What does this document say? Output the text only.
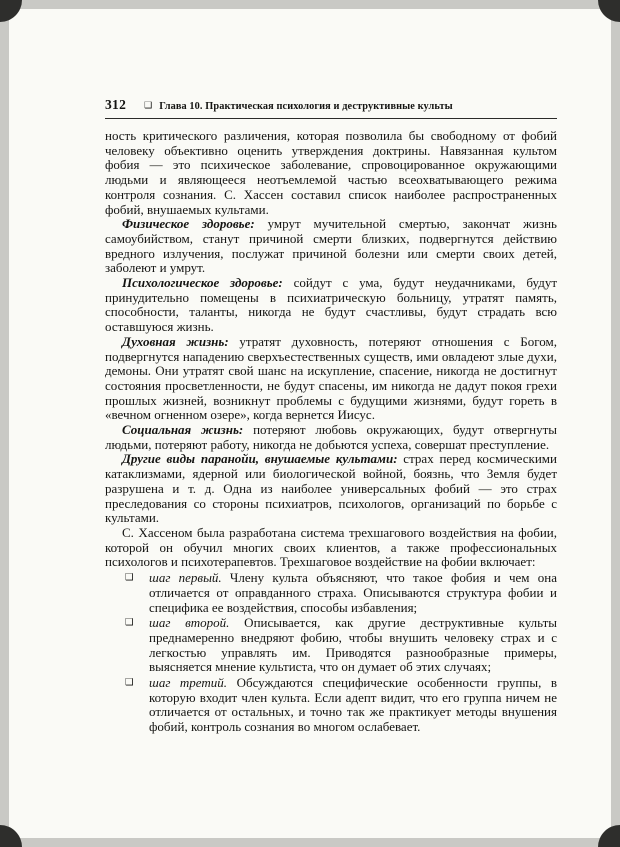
312 ❑ Глава 10. Практическая психология и деструктивные культы

ность критического различения, которая позволила бы свободному от фобий человеку объективно оценить утверждения доктрины. Навязанная культом фобия — это психическое заболевание, спровоцированное окружающими людьми и являющееся неотъемлемой частью всеохватывающего режима контроля сознания. С. Хассен составил список наиболее распространенных фобий, внушаемых культами.

Физическое здоровье: умрут мучительной смертью, закончат жизнь самоубийством, станут причиной смерти близких, подвергнутся действию вредного излучения, послужат причиной болезни или смерти своих детей, заболеют и умрут.

Психологическое здоровье: сойдут с ума, будут неудачниками, будут принудительно помещены в психиатрическую больницу, утратят память, способности, таланты, никогда не будут счастливы, будут страдать всю оставшуюся жизнь.

Духовная жизнь: утратят духовность, потеряют отношения с Богом, подвергнутся нападению сверхъестественных существ, ими овладеют злые духи, демоны. Они утратят свой шанс на искупление, спасение, никогда не достигнут состояния просветленности, не будут спасены, им никогда не дадут покоя грехи прошлых жизней, возникнут проблемы с будущими жизнями, будут гореть в «вечном огненном озере», когда вернется Иисус.

Социальная жизнь: потеряют любовь окружающих, будут отвергнуты людьми, потеряют работу, никогда не добьются успеха, совершат преступление.

Другие виды паранойи, внушаемые культами: страх перед космическими катаклизмами, ядерной или биологической войной, боязнь, что Земля будет разрушена и т. д. Одна из наиболее универсальных фобий — это страх преследования со стороны психиатров, психологов, организаций по борьбе с культами.

С. Хассеном была разработана система трехшагового воздействия на фобии, которой он обучил многих своих клиентов, а также профессиональных психологов и психотерапевтов. Трехшаговое воздействие на фобии включает:

❑ шаг первый. Члену культа объясняют, что такое фобия и чем она отличается от оправданного страха. Описываются структура фобии и специфика ее воздействия, способы избавления;
❑ шаг второй. Описывается, как другие деструктивные культы преднамеренно внедряют фобию, чтобы внушить человеку страх и с легкостью управлять им. Приводятся разнообразные примеры, выясняется мнение культиста, что он думает об этих случаях;
❑ шаг третий. Обсуждаются специфические особенности группы, в которую входит член культа. Если адепт видит, что его группа ничем не отличается от остальных, и точно так же практикует методы внушения фобий, контроль сознания во многом ослабевает.
